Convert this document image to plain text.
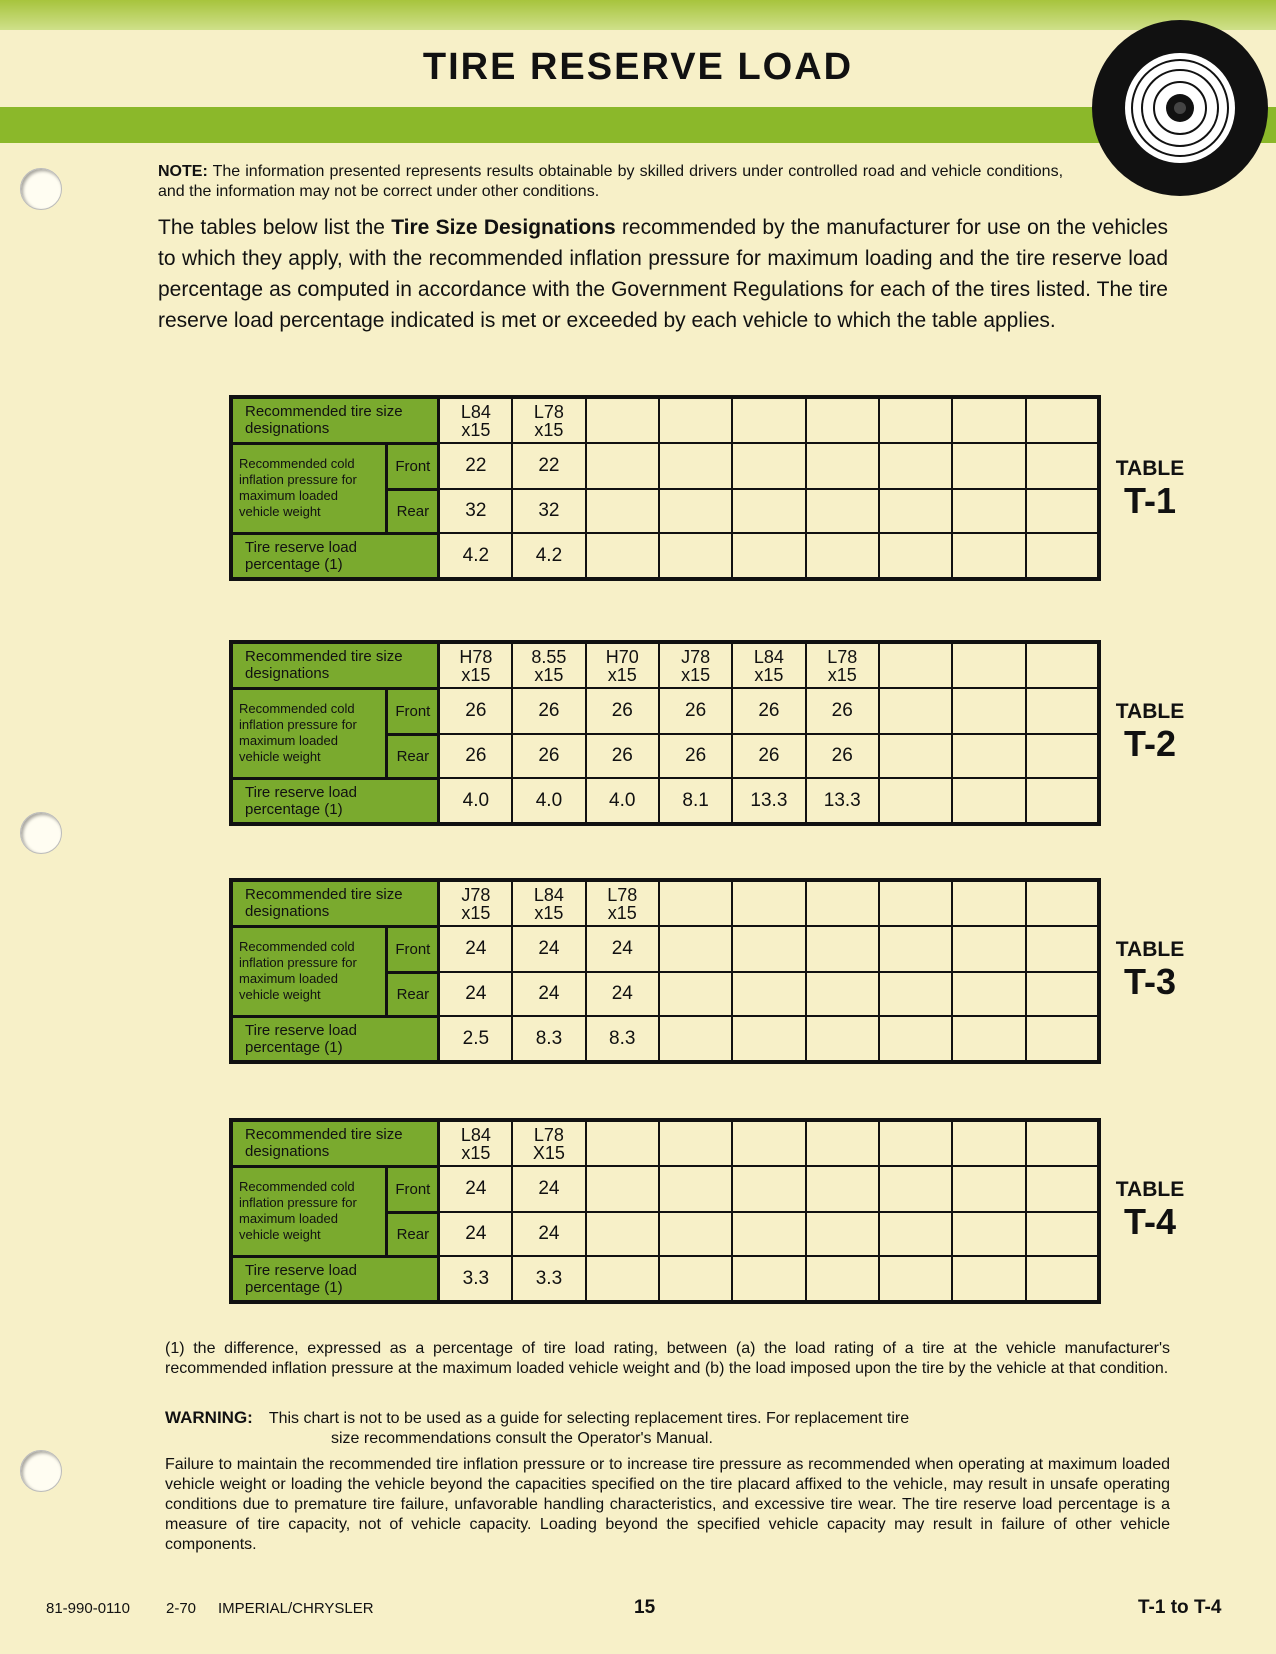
TIRE RESERVE LOAD
NOTE: The information presented represents results obtainable by skilled drivers under controlled road and vehicle conditions, and the information may not be correct under other conditions.
The tables below list the Tire Size Designations recommended by the manufacturer for use on the vehicles to which they apply, with the recommended inflation pressure for maximum loading and the tire reserve load percentage as computed in accordance with the Government Regulations for each of the tires listed. The tire reserve load percentage indicated is met or exceeded by each vehicle to which the table applies.
Recommended tire size designations		L84 x15	L78 x15							

Recommended cold inflation pressure for maximum loaded vehicle weight	Front	22	22							
	Rear	32	32							
Tire reserve load percentage (1)		4.2	4.2							
TABLE
T-1
Recommended tire size designations		H78 x15	8.55 x15	H70 x15	J78 x15	L84 x15	L78 x15			

Recommended cold inflation pressure for maximum loaded vehicle weight	Front	26	26	26	26	26	26			
	Rear	26	26	26	26	26	26			
Tire reserve load percentage (1)		4.0	4.0	4.0	8.1	13.3	13.3			
TABLE
T-2
Recommended tire size designations		J78 x15	L84 x15	L78 x15						

Recommended cold inflation pressure for maximum loaded vehicle weight	Front	24	24	24						
	Rear	24	24	24						
Tire reserve load percentage (1)		2.5	8.3	8.3						
TABLE
T-3
Recommended tire size designations		L84 x15	L78 X15							

Recommended cold inflation pressure for maximum loaded vehicle weight	Front	24	24							
	Rear	24	24							
Tire reserve load percentage (1)		3.3	3.3							
TABLE
T-4
(1) the difference, expressed as a percentage of tire load rating, between (a) the load rating of a tire at the vehicle manufacturer's recommended inflation pressure at the maximum loaded vehicle weight and (b) the load imposed upon the tire by the vehicle at that condition.
WARNING: This chart is not to be used as a guide for selecting replacement tires. For replacement tire
size recommendations consult the Operator's Manual.
Failure to maintain the recommended tire inflation pressure or to increase tire pressure as recommended when operating at maximum loaded vehicle weight or loading the vehicle beyond the capacities specified on the tire placard affixed to the vehicle, may result in unsafe operating conditions due to premature tire failure, unfavorable handling characteristics, and excessive tire wear. The tire reserve load percentage is a measure of tire capacity, not of vehicle capacity. Loading beyond the specified vehicle capacity may result in failure of other vehicle components.
81-990-0110 2-70 IMPERIAL/CHRYSLER	15	T-1 to T-4
